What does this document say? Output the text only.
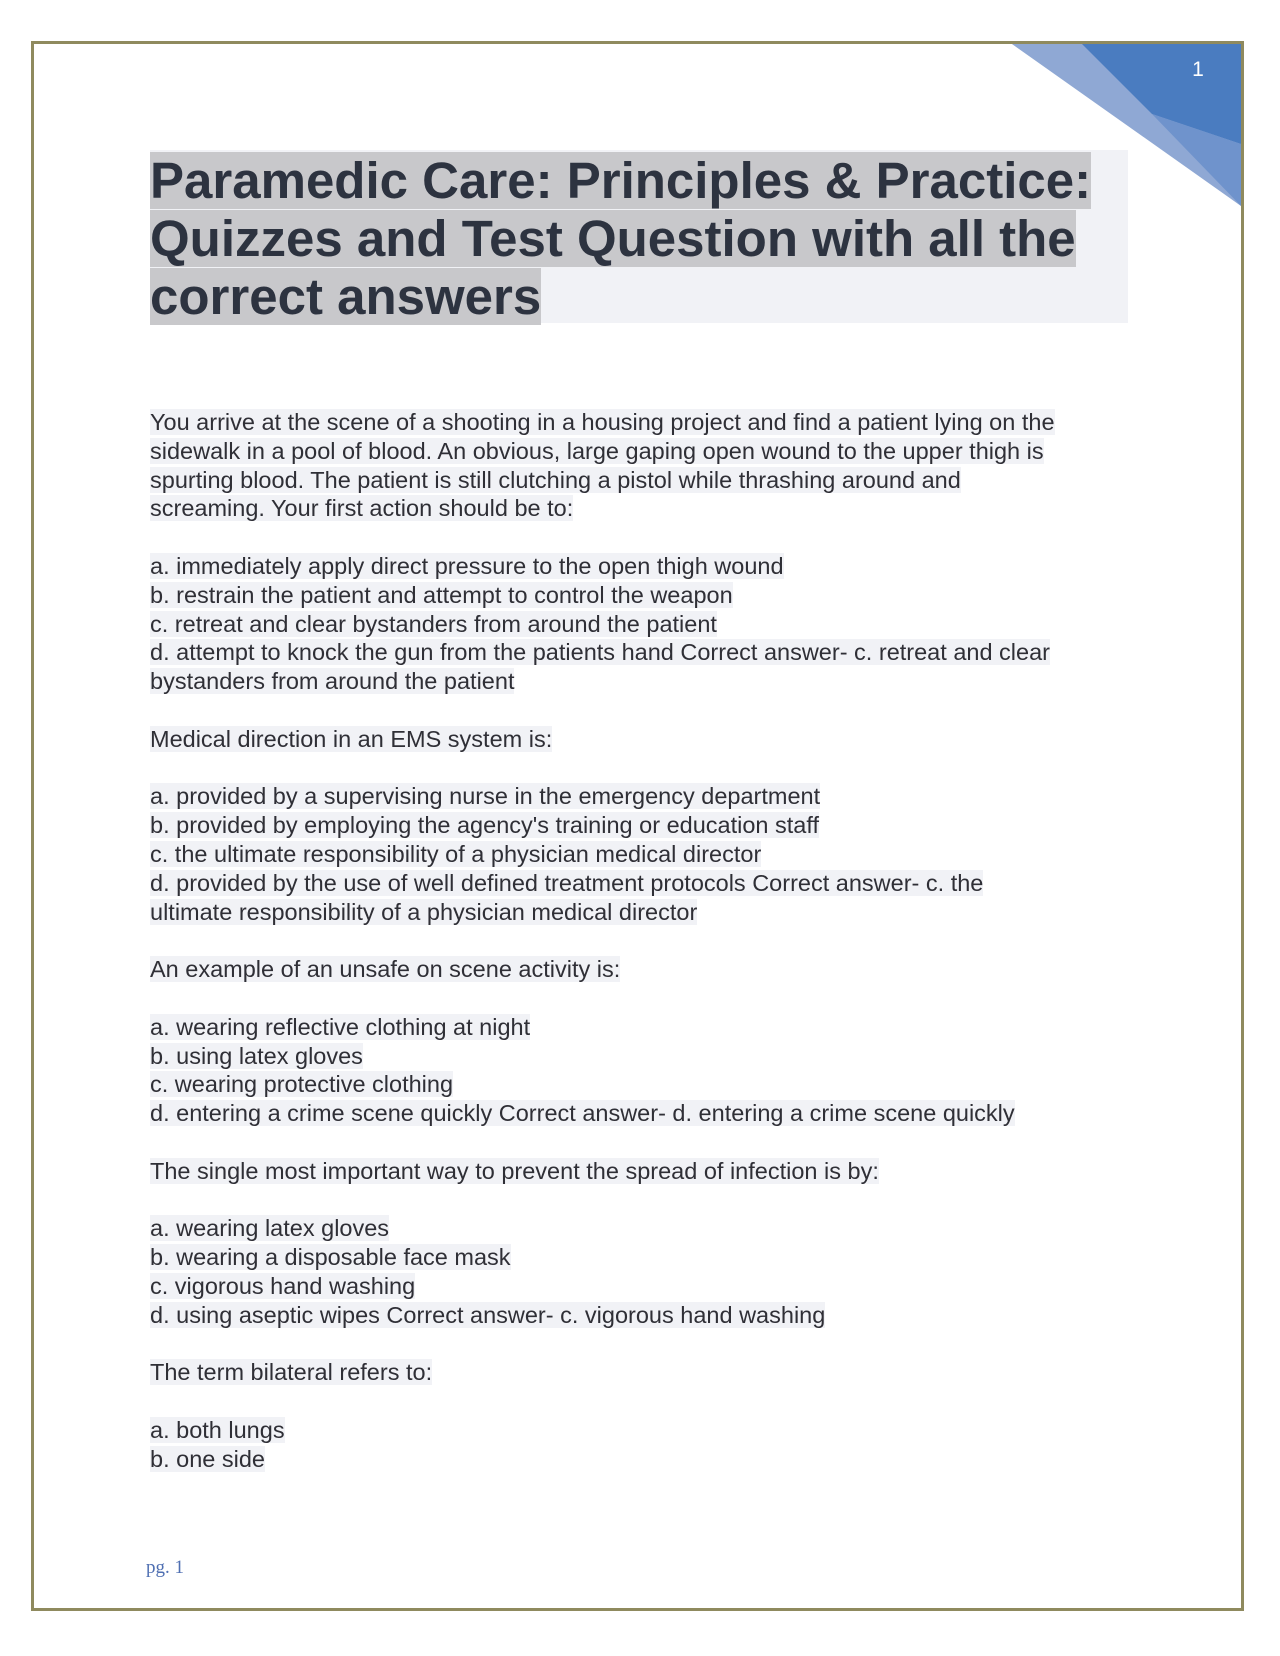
1
Paramedic Care: Principles & Practice:
Quizzes and Test Question with all the
correct answers
You arrive at the scene of a shooting in a housing project and find a patient lying on the
sidewalk in a pool of blood. An obvious, large gaping open wound to the upper thigh is
spurting blood. The patient is still clutching a pistol while thrashing around and
screaming. Your first action should be to:
a. immediately apply direct pressure to the open thigh wound
b. restrain the patient and attempt to control the weapon
c. retreat and clear bystanders from around the patient
d. attempt to knock the gun from the patients hand Correct answer- c. retreat and clear
bystanders from around the patient
Medical direction in an EMS system is:
a. provided by a supervising nurse in the emergency department
b. provided by employing the agency's training or education staff
c. the ultimate responsibility of a physician medical director
d. provided by the use of well defined treatment protocols Correct answer- c. the
ultimate responsibility of a physician medical director
An example of an unsafe on scene activity is:
a. wearing reflective clothing at night
b. using latex gloves
c. wearing protective clothing
d. entering a crime scene quickly Correct answer- d. entering a crime scene quickly
The single most important way to prevent the spread of infection is by:
a. wearing latex gloves
b. wearing a disposable face mask
c. vigorous hand washing
d. using aseptic wipes Correct answer- c. vigorous hand washing
The term bilateral refers to:
a. both lungs
b. one side
pg. 1
